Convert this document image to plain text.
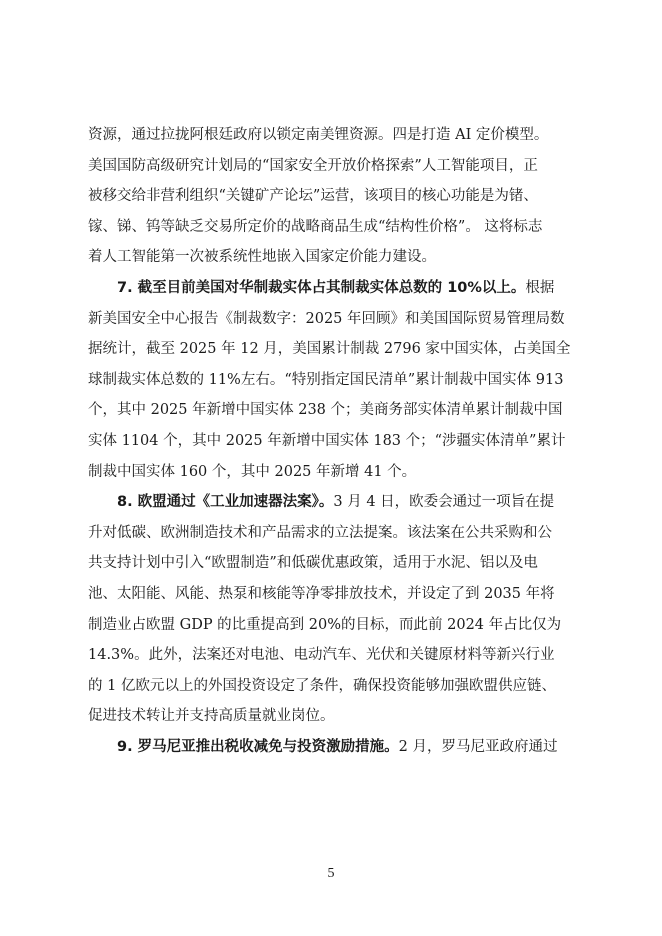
资源，通过拉拢阿根廷政府以锁定南美锂资源。四是打造 AI 定价模型。
美国国防高级研究计划局的“国家安全开放价格探索”人工智能项目，正
被移交给非营利组织“关键矿产论坛”运营，该项目的核心功能是为锗、
镓、锑、钨等缺乏交易所定价的战略商品生成“结构性价格”。 这将标志
着人工智能第一次被系统性地嵌入国家定价能力建设。

7. 截至目前美国对华制裁实体占其制裁实体总数的 10%以上。根据
新美国安全中心报告《制裁数字：2025 年回顾》和美国国际贸易管理局数
据统计，截至 2025 年 12 月，美国累计制裁 2796 家中国实体，占美国全
球制裁实体总数的 11%左右。“特别指定国民清单”累计制裁中国实体 913
个，其中 2025 年新增中国实体 238 个；美商务部实体清单累计制裁中国
实体 1104 个，其中 2025 年新增中国实体 183 个；“涉疆实体清单”累计
制裁中国实体 160 个，其中 2025 年新增 41 个。

8. 欧盟通过《工业加速器法案》。3 月 4 日，欧委会通过一项旨在提
升对低碳、欧洲制造技术和产品需求的立法提案。该法案在公共采购和公
共支持计划中引入“欧盟制造”和低碳优惠政策，适用于水泥、铝以及电
池、太阳能、风能、热泵和核能等净零排放技术，并设定了到 2035 年将
制造业占欧盟 GDP 的比重提高到 20%的目标，而此前 2024 年占比仅为
14.3%。此外，法案还对电池、电动汽车、光伏和关键原材料等新兴行业
的 1 亿欧元以上的外国投资设定了条件，确保投资能够加强欧盟供应链、
促进技术转让并支持高质量就业岗位。

9. 罗马尼亚推出税收减免与投资激励措施。2 月，罗马尼亚政府通过

5
